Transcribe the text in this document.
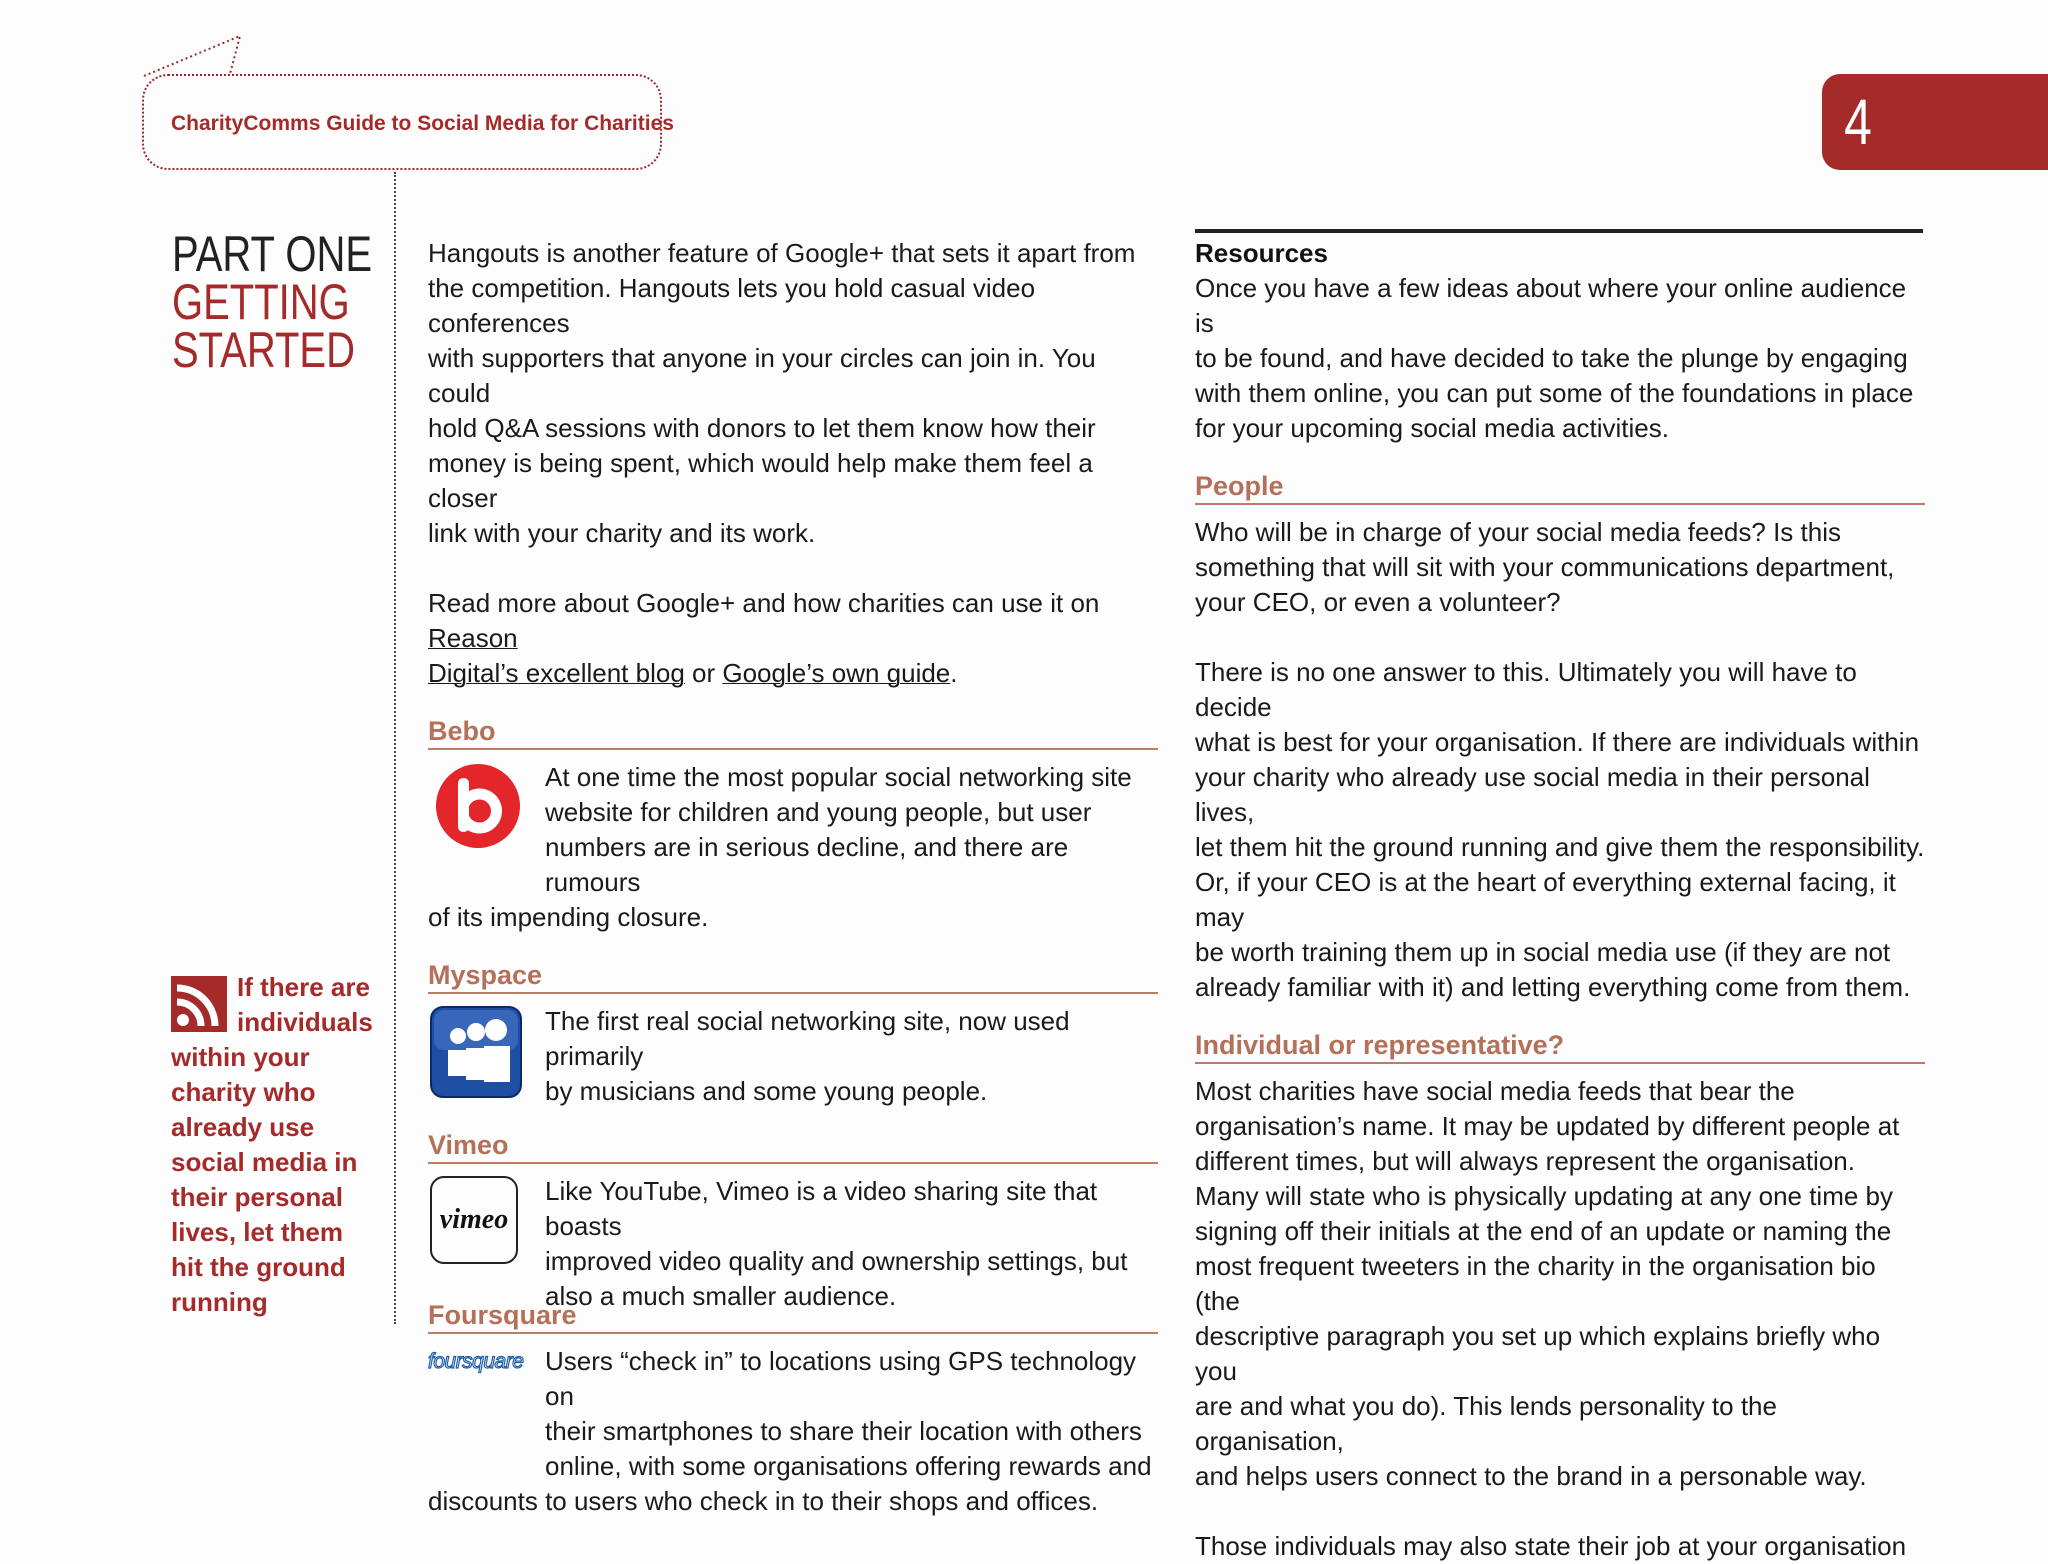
CharityComms Guide to Social Media for Charities	4
PART ONE
GETTING
STARTED
If there are
individuals
within your
charity who
already use
social media in
their personal
lives, let them
hit the ground
running
Hangouts is another feature of Google+ that sets it apart from
the competition. Hangouts lets you hold casual video conferences
with supporters that anyone in your circles can join in. You could
hold Q&A sessions with donors to let them know how their
money is being spent, which would help make them feel a closer
link with your charity and its work.
Read more about Google+ and how charities can use it on Reason
Digital’s excellent blog or Google’s own guide.
Bebo
At one time the most popular social networking site
website for children and young people, but user
numbers are in serious decline, and there are rumours
of its impending closure.
Myspace
The first real social networking site, now used primarily
by musicians and some young people.
Vimeo
vimeo
Like YouTube, Vimeo is a video sharing site that boasts
improved video quality and ownership settings, but
also a much smaller audience.
Foursquare
foursquare Users “check in” to locations using GPS technology on
their smartphones to share their location with others
online, with some organisations offering rewards and
discounts to users who check in to their shops and offices.
Resources
Once you have a few ideas about where your online audience is
to be found, and have decided to take the plunge by engaging
with them online, you can put some of the foundations in place
for your upcoming social media activities.
People
Who will be in charge of your social media feeds? Is this
something that will sit with your communications department,
your CEO, or even a volunteer?
There is no one answer to this. Ultimately you will have to decide
what is best for your organisation. If there are individuals within
your charity who already use social media in their personal lives,
let them hit the ground running and give them the responsibility.
Or, if your CEO is at the heart of everything external facing, it may
be worth training them up in social media use (if they are not
already familiar with it) and letting everything come from them.
Individual or representative?
Most charities have social media feeds that bear the
organisation’s name. It may be updated by different people at
different times, but will always represent the organisation.
Many will state who is physically updating at any one time by
signing off their initials at the end of an update or naming the
most frequent tweeters in the charity in the organisation bio (the
descriptive paragraph you set up which explains briefly who you
are and what you do). This lends personality to the organisation,
and helps users connect to the brand in a personable way.
Those individuals may also state their job at your organisation
